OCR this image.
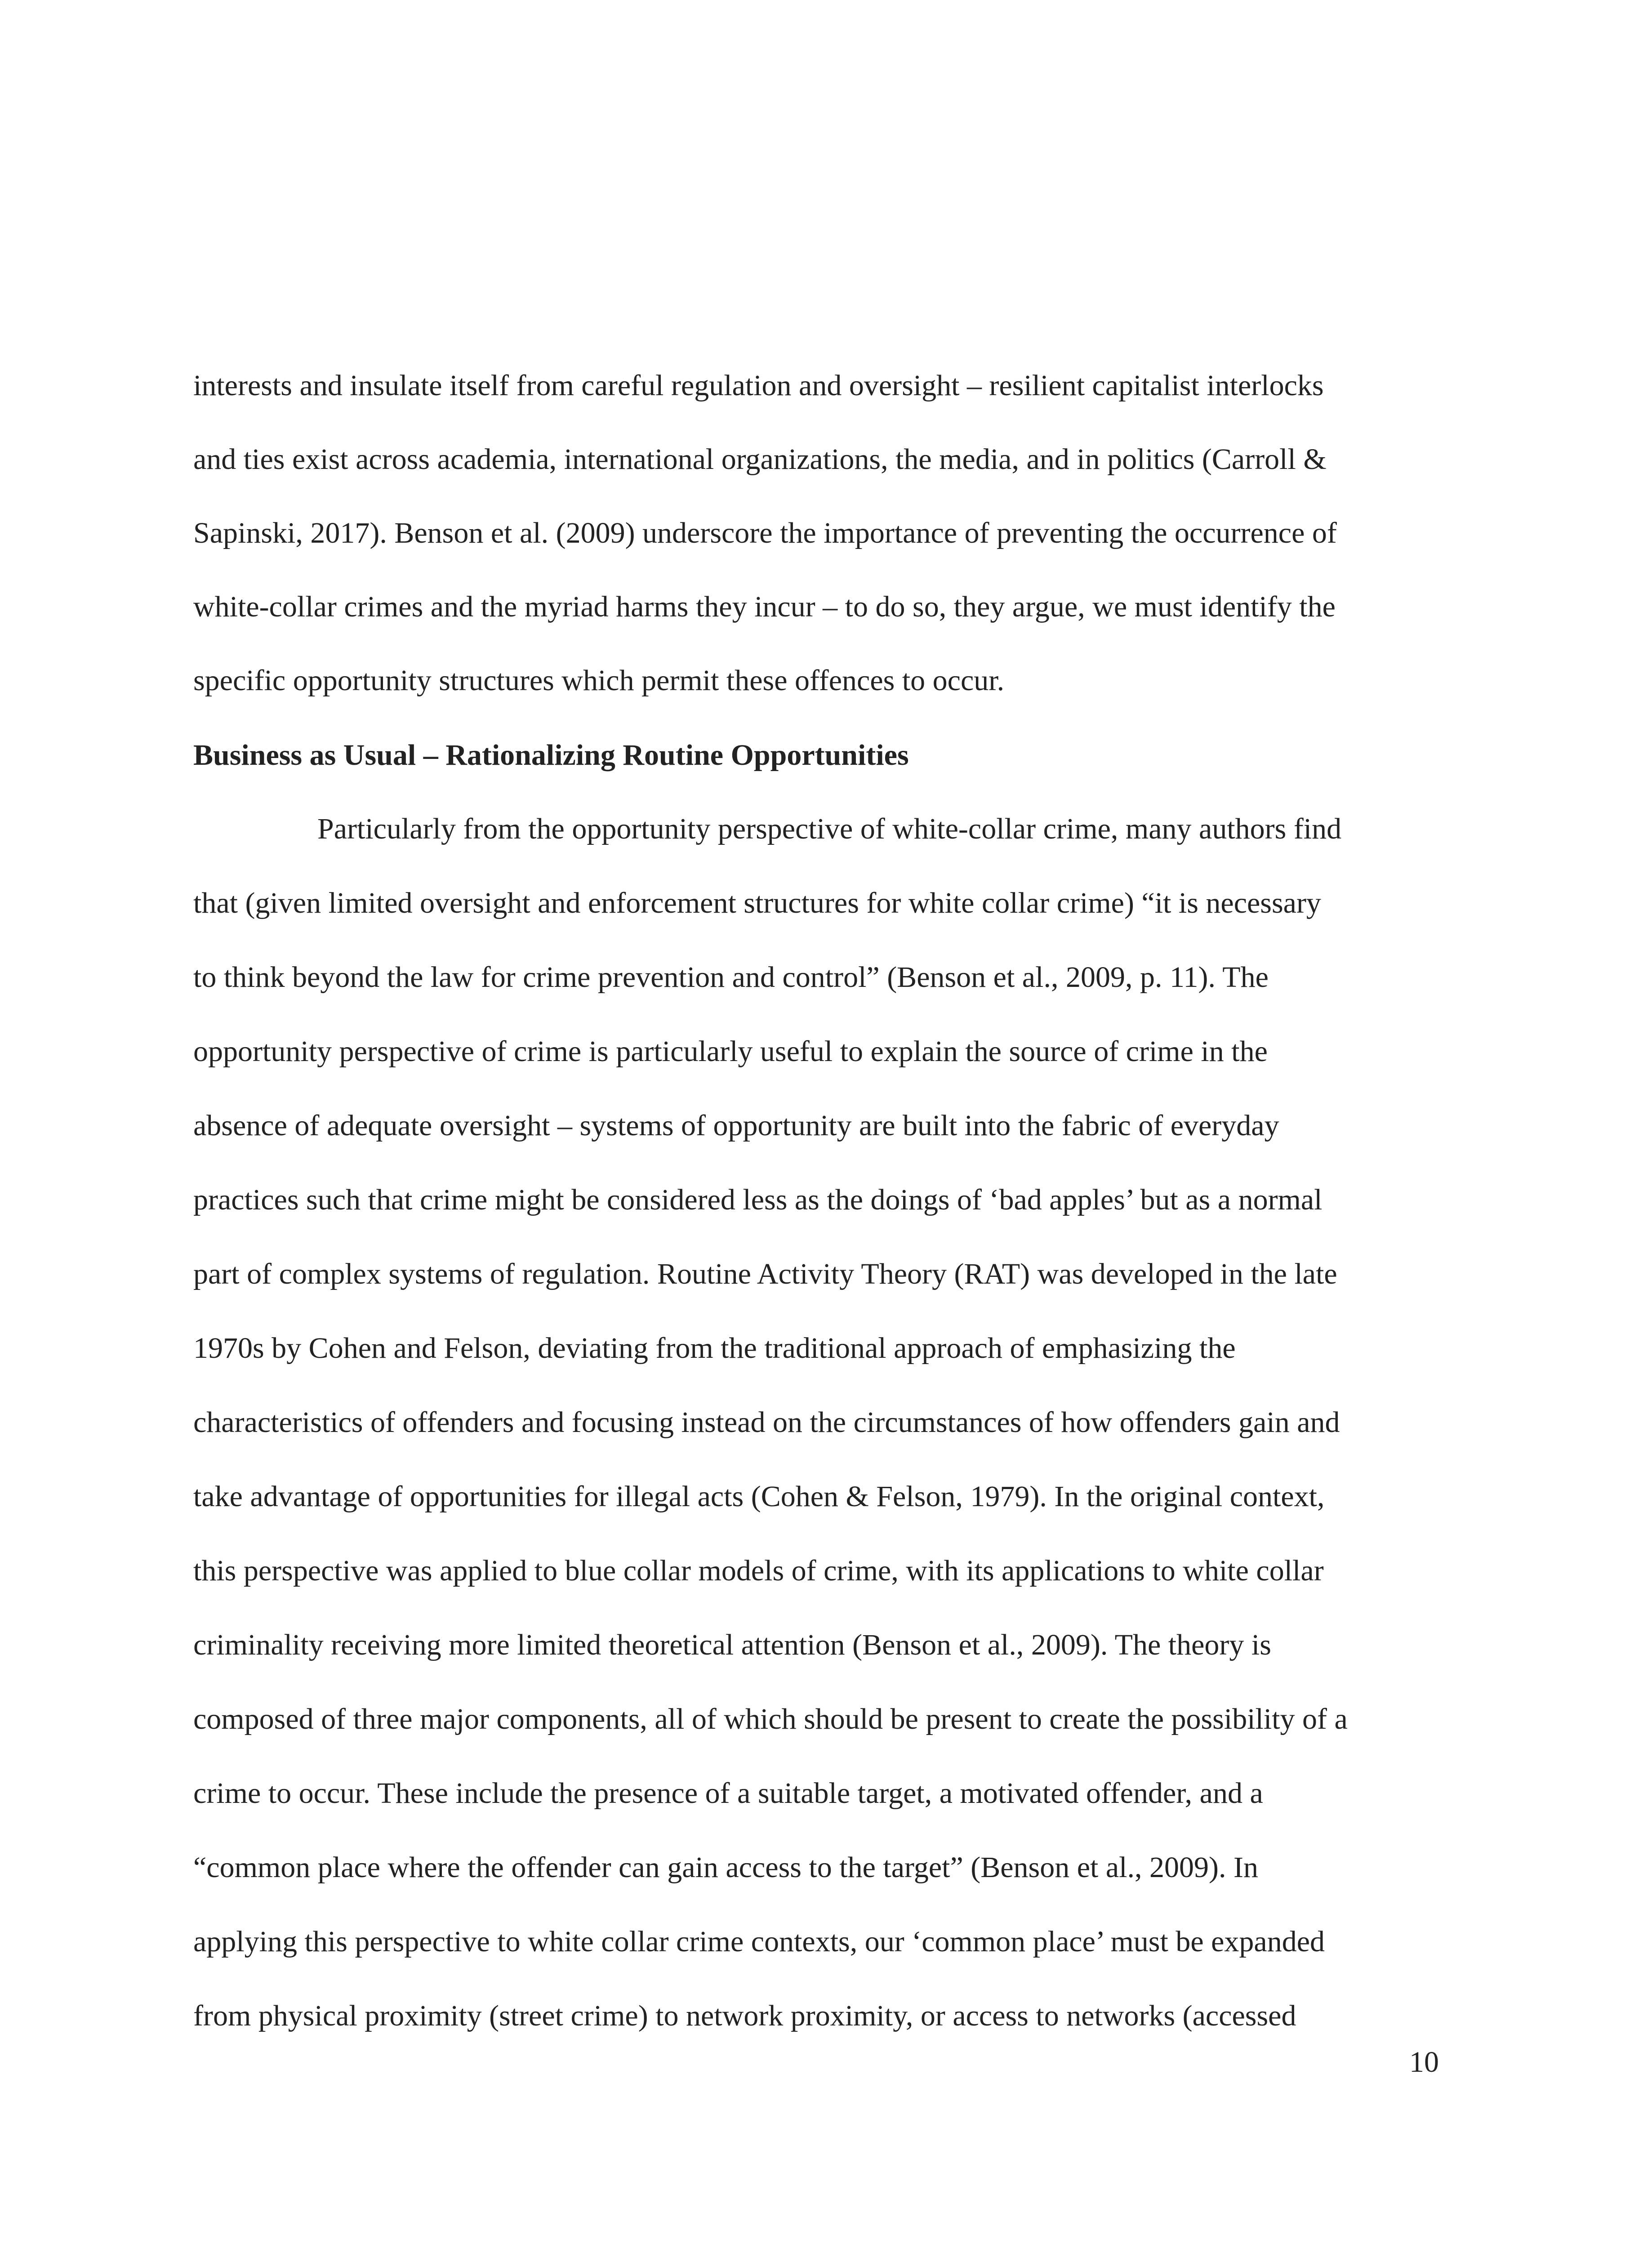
interests and insulate itself from careful regulation and oversight – resilient capitalist interlocks
and ties exist across academia, international organizations, the media, and in politics (Carroll &
Sapinski, 2017). Benson et al. (2009) underscore the importance of preventing the occurrence of
white-collar crimes and the myriad harms they incur – to do so, they argue, we must identify the
specific opportunity structures which permit these offences to occur.
Business as Usual – Rationalizing Routine Opportunities
Particularly from the opportunity perspective of white-collar crime, many authors find
that (given limited oversight and enforcement structures for white collar crime) “it is necessary
to think beyond the law for crime prevention and control” (Benson et al., 2009, p. 11). The
opportunity perspective of crime is particularly useful to explain the source of crime in the
absence of adequate oversight – systems of opportunity are built into the fabric of everyday
practices such that crime might be considered less as the doings of ‘bad apples’ but as a normal
part of complex systems of regulation. Routine Activity Theory (RAT) was developed in the late
1970s by Cohen and Felson, deviating from the traditional approach of emphasizing the
characteristics of offenders and focusing instead on the circumstances of how offenders gain and
take advantage of opportunities for illegal acts (Cohen & Felson, 1979). In the original context,
this perspective was applied to blue collar models of crime, with its applications to white collar
criminality receiving more limited theoretical attention (Benson et al., 2009). The theory is
composed of three major components, all of which should be present to create the possibility of a
crime to occur. These include the presence of a suitable target, a motivated offender, and a
“common place where the offender can gain access to the target” (Benson et al., 2009). In
applying this perspective to white collar crime contexts, our ‘common place’ must be expanded
from physical proximity (street crime) to network proximity, or access to networks (accessed
10
